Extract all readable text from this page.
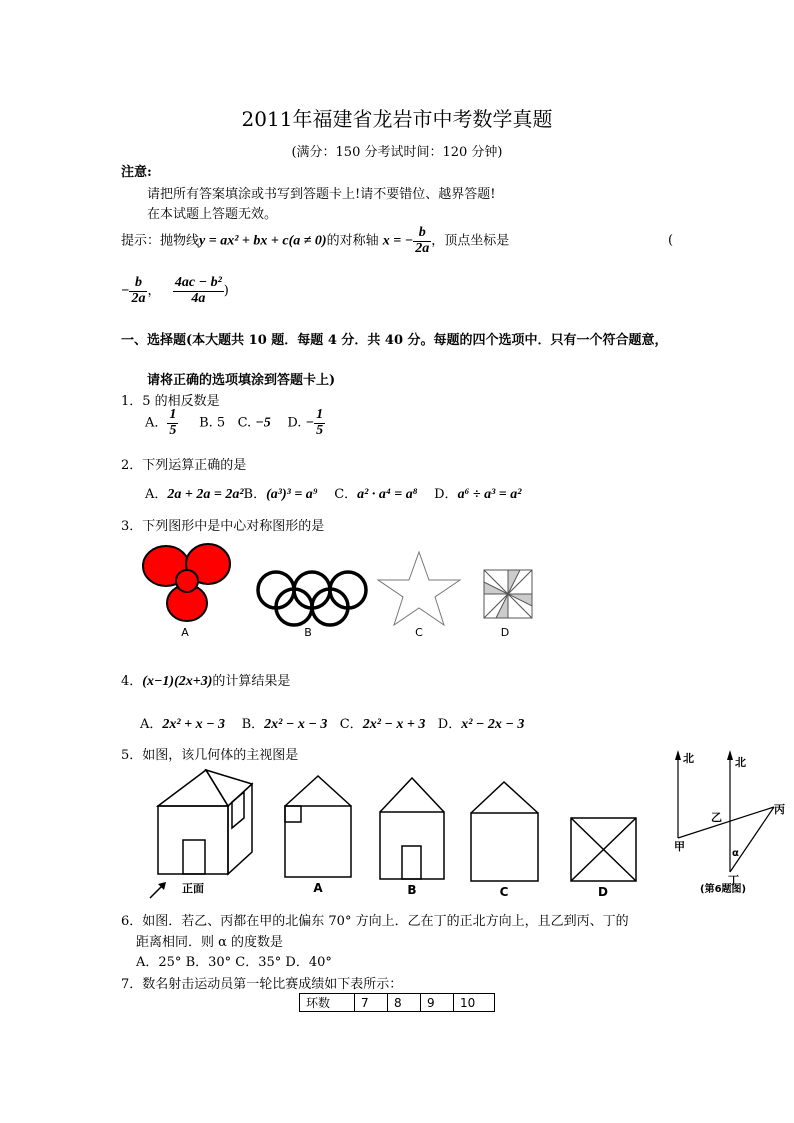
2011年福建省龙岩市中考数学真题
(满分：150 分考试时间：120 分钟)
注意:
请把所有答案填涂或书写到答题卡上!请不要错位、越界答题!
在本试题上答题无效。
提示：抛物线y = ax² + bx + c(a ≠ 0)的对称轴 x = − $\frac{b}{2a}$ ，顶点坐标是	(
− $\frac{b}{2a}$ ， $\frac{\text{4ac − b²}}{4a}$ )
一、选择题(本大题共 10 题．每题 4 分．共 40 分。每题的四个选项中．只有一个符合题意，
请将正确的选项填涂到答题卡上)
1．5 的相反数是
A． $\frac{1}{5} B$. 5 C. −5 D. − $\frac{1}{5}$
2．下列运算正确的是
A．2a + 2a = 2a²B．(a³)³ = a⁹ C．a² · a⁴ = a⁸ D．a⁶ ÷ a³ = a²
3．下列图形中是中心对称图形的是
A	B	C	D
4．(x−1)(2x+3)的计算结果是
A．2x² + x − 3 B．2x² − x − 3 C．2x² − x + 3 D．x² − 2x − 3
5．如图，该几何体的主视图是
正面	A	B	C	D
北	北
甲
乙
丙
α
丁
(第6题图)
6．如图．若乙、丙都在甲的北偏东 70° 方向上．乙在丁的正北方向上，且乙到丙、丁的
距离相同．则 α 的度数是
A．25° B．30° C．35° D．40°
7．数名射击运动员第一轮比赛成绩如下表所示：
环数	7	8	9	10
